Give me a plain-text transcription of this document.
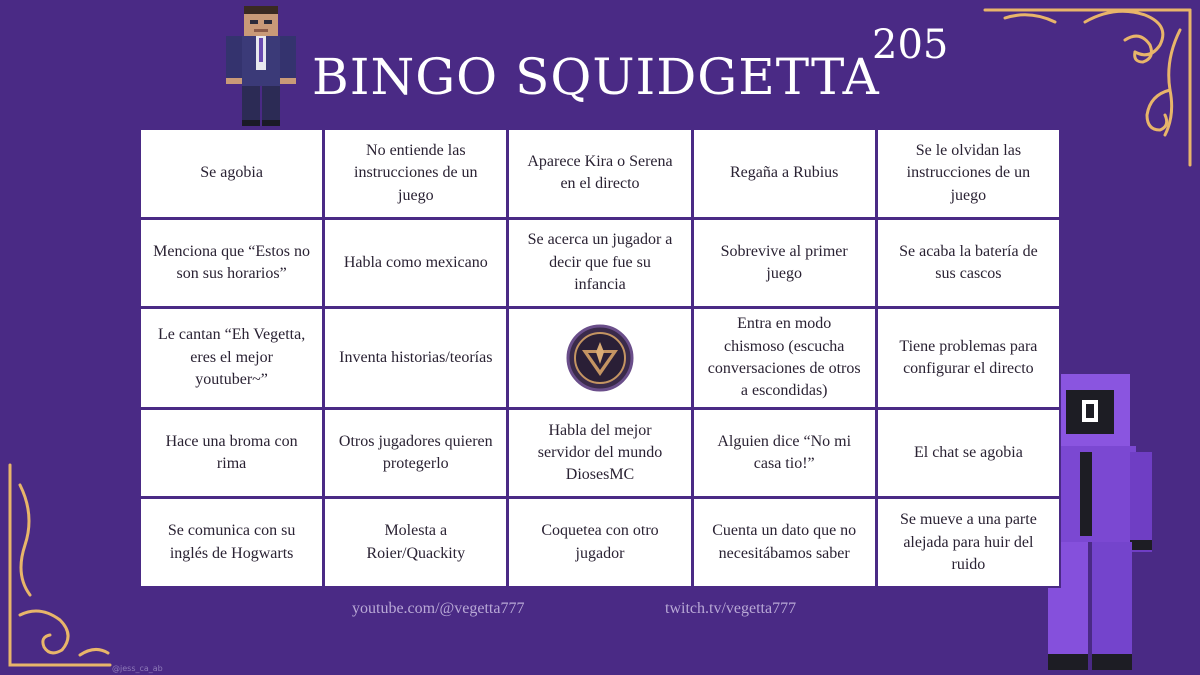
BINGO SQUIDGETTA
205
Se agobia
No entiende las instrucciones de un juego
Aparece Kira o Serena en el directo
Regaña a Rubius
Se le olvidan las instrucciones de un juego
Menciona que “Estos no son sus horarios”
Habla como mexicano
Se acerca un jugador a decir que fue su infancia
Sobrevive al primer juego
Se acaba la batería de sus cascos
Le cantan “Eh Vegetta, eres el mejor youtuber~”
Inventa historias/teorías
Entra en modo chismoso (escucha conversaciones de otros a escondidas)
Tiene problemas para configurar el directo
Hace una broma con rima
Otros jugadores quieren protegerlo
Habla del mejor servidor del mundo DiosesMC
Alguien dice “No mi casa tio!”
El chat se agobia
Se comunica con su inglés de Hogwarts
Molesta a Roier/Quackity
Coquetea con otro jugador
Cuenta un dato que no necesitábamos saber
Se mueve a una parte alejada para huir del ruido
youtube.com/@vegetta777	twitch.tv/vegetta777
@jess_ca_ab
